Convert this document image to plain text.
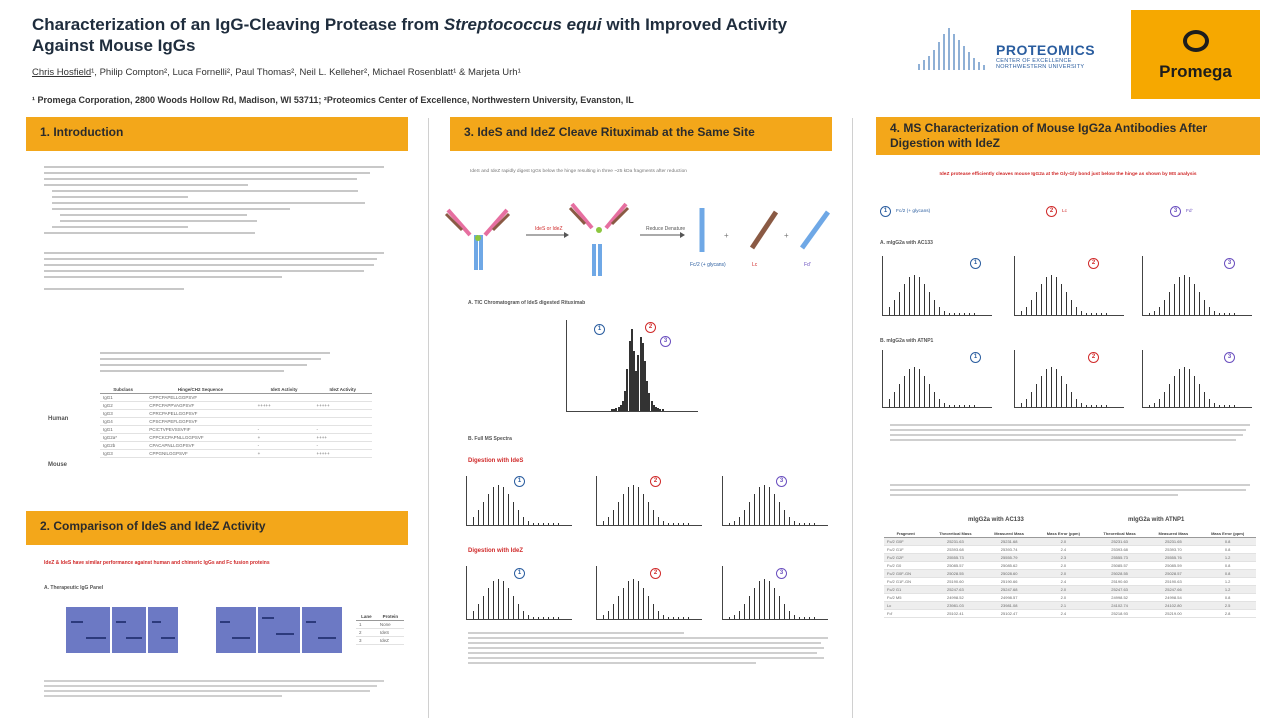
Characterization of an IgG-Cleaving Protease from Streptococcus equi with Improved Activity
Against Mouse IgGs
Chris Hosfield¹, Philip Compton², Luca Fornelli², Paul Thomas², Neil L. Kelleher², Michael Rosenblatt¹ & Marjeta Urh¹
¹ Promega Corporation, 2800 Woods Hollow Rd, Madison, WI 53711; ²Proteomics Center of Excellence, Northwestern University, Evanston, IL
PROTEOMICS
CENTER OF EXCELLENCE
NORTHWESTERN UNIVERSITY	Promega
1. Introduction
Human
Mouse
Subclass	Hinge/CH2 Sequence	IdeS Activity	IdeZ Activity
IgG1	CPPCPAPELLGGPSVF		
IgG2	CPPCPAPPVAGPSVF	+++++	+++++
IgG3	CPRCPAPELLGGPSVF		
IgG4	CPSCPAPEFLGGPSVF		
IgG1	PCICTVPEVSSVFIF	-	-
IgG2a*	CPPCKCPAPNLLGGPSVF	+	++++
IgG2b	CPACAPNLLGGPSVF	-	-
IgG3	CPPGNILGGPSVF	+	+++++
2. Comparison of IdeS and IdeZ Activity
IdeZ & IdeS have similar performance against human and chimeric IgGs and Fc fusion proteins
A. Therapeutic IgG Panel
Lane	Protein
1	None
2	IdeS
3	IdeZ
3. IdeS and IdeZ Cleave Rituximab at the Same Site
IdeS and IdeZ rapidly digest IgGs below the hinge resulting in three ~25 kDa fragments after reduction
IdeS or IdeZ	Reduce Denature
+	+
Fc/2 (+ glycans)	Lc	Fd'
A. TIC Chromatogram of IdeS digested Rituximab
1	2
3
B. Full MS Spectra
Digestion with IdeS
Digestion with IdeZ
1	2	3
1	2	3
4. MS Characterization of Mouse IgG2a Antibodies After Digestion with IdeZ
IdeZ protease efficiently cleaves mouse IgG2a at the Gly-Gly bond just below the hinge as shown by MS analysis
1	Fc/2 (+ glycans)	2	Lc	3	Fd'
A. mIgG2a with AC133
1	2	3
B. mIgG2a with ATNP1
1	2	3
mIgG2a with AC133	mIgG2a with ATNP1
Fragment	Theoretical Mass	Measured Mass	Mass Error (ppm)	Theoretical Mass	Measured Mass	Mass Error (ppm)
Fc/2 G0F	25231.63	25231.68	2.0	25231.63	25231.65	0.8
Fc/2 G1F	25393.68	25393.74	2.4	25393.68	25393.70	0.8
Fc/2 G2F	25555.73	25555.79	2.3	25555.73	25555.76	1.2
Fc/2 G0	25085.57	25085.62	2.0	25085.57	25085.59	0.8
Fc/2 G0F-GN	25028.55	25028.60	2.0	25028.55	25028.57	0.8
Fc/2 G1F-GN	25190.60	25190.66	2.4	25190.60	25190.63	1.2
Fc/2 G1	25247.63	25247.68	2.0	25247.63	25247.66	1.2
Fc/2 M5	24998.52	24998.57	2.0	24998.52	24998.54	0.8
Lc	23981.03	23981.08	2.1	24102.74	24102.80	2.5
Fd'	25102.41	25102.47	2.4	25218.93	25219.00	2.8
